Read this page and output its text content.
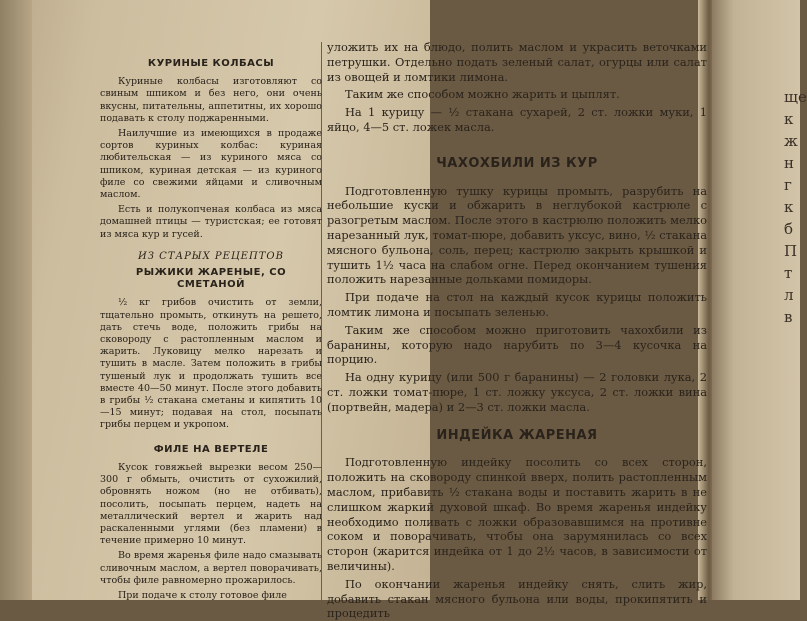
ще
к
ж
н
г
к
б
П
т
л
в
КУРИНЫЕ КОЛБАСЫ

Куриные колбасы изготовляют со свиным шпиком и без него, они очень вкусны, питательны, аппетитны, их хорошо подавать к столу поджаренными.

Наилучшие из имеющихся в продаже сортов куриных колбас: куриная любительская — из куриного мяса со шпиком, куриная детская — из куриного филе со свежими яйцами и сливочным маслом.

Есть и полукопченая колбаса из мяса домашней птицы — туристская; ее готовят из мяса кур и гусей.

ИЗ СТАРЫХ РЕЦЕПТОВ
РЫЖИКИ ЖАРЕНЫЕ, СО СМЕТАНОЙ

½ кг грибов очистить от земли, тщательно промыть, откинуть на решето, дать стечь воде, положить грибы на сковороду с растопленным маслом и жарить. Луковицу мелко нарезать и тушить в масле. Затем положить в грибы тушеный лук и продолжать тушить все вместе 40—50 минут. После этого добавить в грибы ¹⁄₂ стакана сметаны и кипятить 10—15 минут; подавая на стол, посыпать грибы перцем и укропом.

ФИЛЕ НА ВЕРТЕЛЕ

Кусок говяжьей вырезки весом 250—300 г обмыть, очистить от сухожилий, обровнять ножом (но не отбивать), посолить, посыпать перцем, надеть на металлический вертел и жарить над раскаленными углями (без пламени) в течение примерно 10 минут.

Во время жаренья филе надо смазывать сливочным маслом, а вертел поворачивать, чтобы филе равномерно прожарилось.

При подаче к столу готовое филе

уложить их на блюдо, полить маслом и украсить веточками петрушки. Отдельно подать зеленый салат, огурцы или салат из овощей и ломтики лимона.

Таким же способом можно жарить и цыплят.

На 1 курицу — ½ стакана сухарей, 2 ст. ложки муки, 1 яйцо, 4—5 ст. ложек масла.

ЧАХОХБИЛИ ИЗ КУР

Подготовленную тушку курицы промыть, разрубить на небольшие куски и обжарить в неглубокой кастрюле с разогретым маслом. После этого в кастрюлю положить мелко нарезанный лук, томат-пюре, добавить уксус, вино, ½ стакана мясного бульона, соль, перец; кастрюлю закрыть крышкой и тушить 1½ часа на слабом огне. Перед окончанием тушения положить нарезанные дольками помидоры.

При подаче на стол на каждый кусок курицы положить ломтик лимона и посыпать зеленью.

Таким же способом можно приготовить чахохбили из баранины, которую надо нарубить по 3—4 кусочка на порцию.

На одну курицу (или 500 г баранины) — 2 головки лука, 2 ст. ложки томат-пюре, 1 ст. ложку уксуса, 2 ст. ложки вина (портвейн, мадера) и 2—3 ст. ложки масла.

ИНДЕЙКА ЖАРЕНАЯ

Подготовленную индейку посолить со всех сторон, положить на сковороду спинкой вверх, полить растопленным маслом, прибавить ½ стакана воды и поставить жарить в не слишком жаркий духовой шкаф. Во время жаренья индейку необходимо поливать с ложки образовавшимся на противне соком и поворачивать, чтобы она зарумянилась со всех сторон (жарится индейка от 1 до 2½ часов, в зависимости от величины).

По окончании жаренья индейку снять, слить жир, добавить стакан мясного бульона или воды, прокипятить и процедить
